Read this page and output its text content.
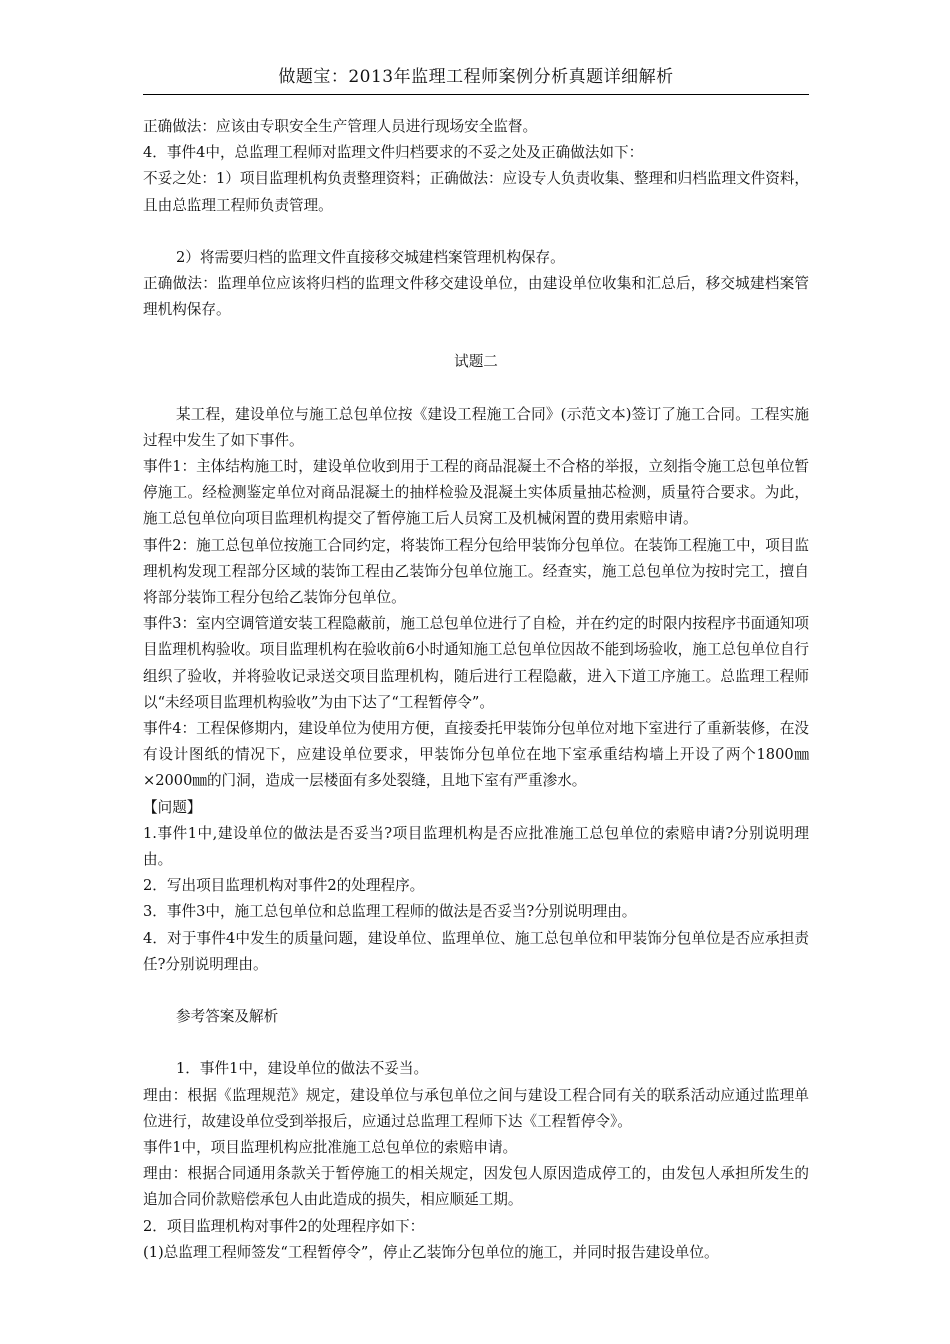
做题宝：2013年监理工程师案例分析真题详细解析

正确做法：应该由专职安全生产管理人员进行现场安全监督。

4．事件4中，总监理工程师对监理文件归档要求的不妥之处及正确做法如下：

不妥之处：1）项目监理机构负责整理资料；正确做法：应设专人负责收集、整理和归档监理文件资料，且由总监理工程师负责管理。

2）将需要归档的监理文件直接移交城建档案管理机构保存。

正确做法：监理单位应该将归档的监理文件移交建设单位，由建设单位收集和汇总后，移交城建档案管理机构保存。

试题二

某工程，建设单位与施工总包单位按《建设工程施工合同》(示范文本)签订了施工合同。工程实施过程中发生了如下事件。

事件1：主体结构施工时，建设单位收到用于工程的商品混凝土不合格的举报，立刻指令施工总包单位暂停施工。经检测鉴定单位对商品混凝土的抽样检验及混凝土实体质量抽芯检测，质量符合要求。为此，施工总包单位向项目监理机构提交了暂停施工后人员窝工及机械闲置的费用索赔申请。

事件2：施工总包单位按施工合同约定，将装饰工程分包给甲装饰分包单位。在装饰工程施工中，项目监理机构发现工程部分区域的装饰工程由乙装饰分包单位施工。经查实，施工总包单位为按时完工，擅自将部分装饰工程分包给乙装饰分包单位。

事件3：室内空调管道安装工程隐蔽前，施工总包单位进行了自检，并在约定的时限内按程序书面通知项目监理机构验收。项目监理机构在验收前6小时通知施工总包单位因故不能到场验收，施工总包单位自行组织了验收，并将验收记录送交项目监理机构，随后进行工程隐蔽，进入下道工序施工。总监理工程师以“未经项目监理机构验收”为由下达了“工程暂停令”。

事件4：工程保修期内，建设单位为使用方便，直接委托甲装饰分包单位对地下室进行了重新装修，在没有设计图纸的情况下，应建设单位要求，甲装饰分包单位在地下室承重结构墙上开设了两个1800㎜×2000㎜的门洞，造成一层楼面有多处裂缝，且地下室有严重渗水。

【问题】

1.事件1中,建设单位的做法是否妥当?项目监理机构是否应批准施工总包单位的索赔申请?分别说明理由。

2．写出项目监理机构对事件2的处理程序。

3．事件3中，施工总包单位和总监理工程师的做法是否妥当?分别说明理由。

4．对于事件4中发生的质量问题，建设单位、监理单位、施工总包单位和甲装饰分包单位是否应承担责任?分别说明理由。

参考答案及解析

1．事件1中，建设单位的做法不妥当。

理由：根据《监理规范》规定，建设单位与承包单位之间与建设工程合同有关的联系活动应通过监理单位进行，故建设单位受到举报后，应通过总监理工程师下达《工程暂停令》。

事件1中，项目监理机构应批准施工总包单位的索赔申请。

理由：根据合同通用条款关于暂停施工的相关规定，因发包人原因造成停工的，由发包人承担所发生的追加合同价款赔偿承包人由此造成的损失，相应顺延工期。

2．项目监理机构对事件2的处理程序如下：

(1)总监理工程师签发“工程暂停令”，停止乙装饰分包单位的施工，并同时报告建设单位。
